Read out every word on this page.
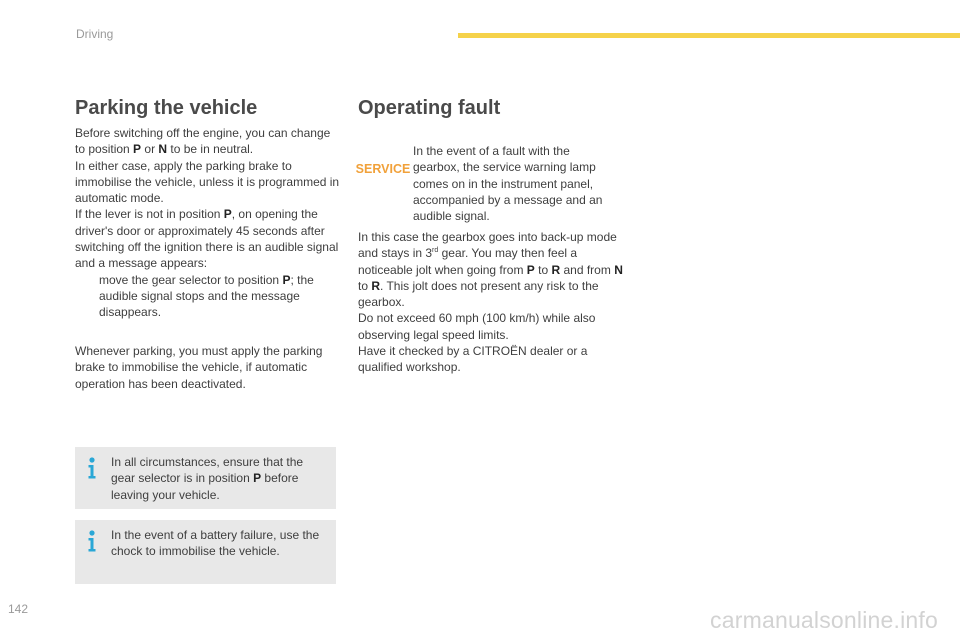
Driving
Parking the vehicle

Before switching off the engine, you can change to position P or N to be in neutral.

In either case, apply the parking brake to immobilise the vehicle, unless it is programmed in automatic mode.

If the lever is not in position P, on opening the driver's door or approximately 45 seconds after switching off the ignition there is an audible signal and a message appears:

move the gear selector to position P; the audible signal stops and the message disappears.

Whenever parking, you must apply the parking brake to immobilise the vehicle, if automatic operation has been deactivated.

In all circumstances, ensure that the gear selector is in position P before leaving your vehicle.
In the event of a battery failure, use the chock to immobilise the vehicle.
Operating fault
SERVICE

In the event of a fault with the gearbox, the service warning lamp comes on in the instrument panel, accompanied by a message and an audible signal.

In this case the gearbox goes into back-up mode and stays in 3rd gear. You may then feel a noticeable jolt when going from P to R and from N to R. This jolt does not present any risk to the gearbox.

Do not exceed 60 mph (100 km/h) while also observing legal speed limits.

Have it checked by a CITROËN dealer or a qualified workshop.

142	carmanualsonline.info
